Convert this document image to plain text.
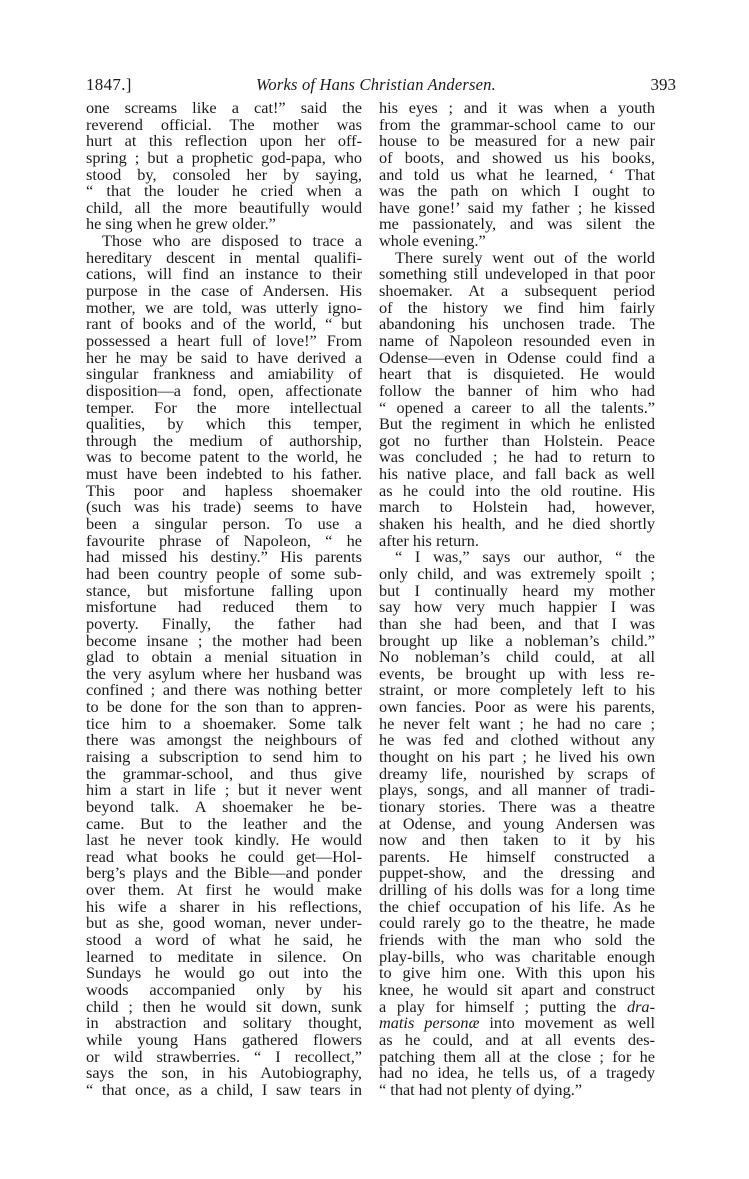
1847.]	Works of Hans Christian Andersen.	393
one screams like a cat!” said the
reverend official. The mother was
hurt at this reflection upon her off-
spring ; but a prophetic god-papa, who
stood by, consoled her by saying,
“ that the louder he cried when a
child, all the more beautifully would
he sing when he grew older.”
Those who are disposed to trace a
hereditary descent in mental qualifi-
cations, will find an instance to their
purpose in the case of Andersen. His
mother, we are told, was utterly igno-
rant of books and of the world, “ but
possessed a heart full of love!” From
her he may be said to have derived a
singular frankness and amiability of
disposition—a fond, open, affectionate
temper. For the more intellectual
qualities, by which this temper,
through the medium of authorship,
was to become patent to the world, he
must have been indebted to his father.
This poor and hapless shoemaker
(such was his trade) seems to have
been a singular person. To use a
favourite phrase of Napoleon, “ he
had missed his destiny.” His parents
had been country people of some sub-
stance, but misfortune falling upon
misfortune had reduced them to
poverty. Finally, the father had
become insane ; the mother had been
glad to obtain a menial situation in
the very asylum where her husband was
confined ; and there was nothing better
to be done for the son than to appren-
tice him to a shoemaker. Some talk
there was amongst the neighbours of
raising a subscription to send him to
the grammar-school, and thus give
him a start in life ; but it never went
beyond talk. A shoemaker he be-
came. But to the leather and the
last he never took kindly. He would
read what books he could get—Hol-
berg’s plays and the Bible—and ponder
over them. At first he would make
his wife a sharer in his reflections,
but as she, good woman, never under-
stood a word of what he said, he
learned to meditate in silence. On
Sundays he would go out into the
woods accompanied only by his
child ; then he would sit down, sunk
in abstraction and solitary thought,
while young Hans gathered flowers
or wild strawberries. “ I recollect,”
says the son, in his Autobiography,
“ that once, as a child, I saw tears in
his eyes ; and it was when a youth
from the grammar-school came to our
house to be measured for a new pair
of boots, and showed us his books,
and told us what he learned, ‘ That
was the path on which I ought to
have gone!’ said my father ; he kissed
me passionately, and was silent the
whole evening.”
There surely went out of the world
something still undeveloped in that poor
shoemaker. At a subsequent period
of the history we find him fairly
abandoning his unchosen trade. The
name of Napoleon resounded even in
Odense—even in Odense could find a
heart that is disquieted. He would
follow the banner of him who had
“ opened a career to all the talents.”
But the regiment in which he enlisted
got no further than Holstein. Peace
was concluded ; he had to return to
his native place, and fall back as well
as he could into the old routine. His
march to Holstein had, however,
shaken his health, and he died shortly
after his return.
“ I was,” says our author, “ the
only child, and was extremely spoilt ;
but I continually heard my mother
say how very much happier I was
than she had been, and that I was
brought up like a nobleman’s child.”
No nobleman’s child could, at all
events, be brought up with less re-
straint, or more completely left to his
own fancies. Poor as were his parents,
he never felt want ; he had no care ;
he was fed and clothed without any
thought on his part ; he lived his own
dreamy life, nourished by scraps of
plays, songs, and all manner of tradi-
tionary stories. There was a theatre
at Odense, and young Andersen was
now and then taken to it by his
parents. He himself constructed a
puppet-show, and the dressing and
drilling of his dolls was for a long time
the chief occupation of his life. As he
could rarely go to the theatre, he made
friends with the man who sold the
play-bills, who was charitable enough
to give him one. With this upon his
knee, he would sit apart and construct
a play for himself ; putting the dra-
matis personæ into movement as well
as he could, and at all events des-
patching them all at the close ; for he
had no idea, he tells us, of a tragedy
“ that had not plenty of dying.”
